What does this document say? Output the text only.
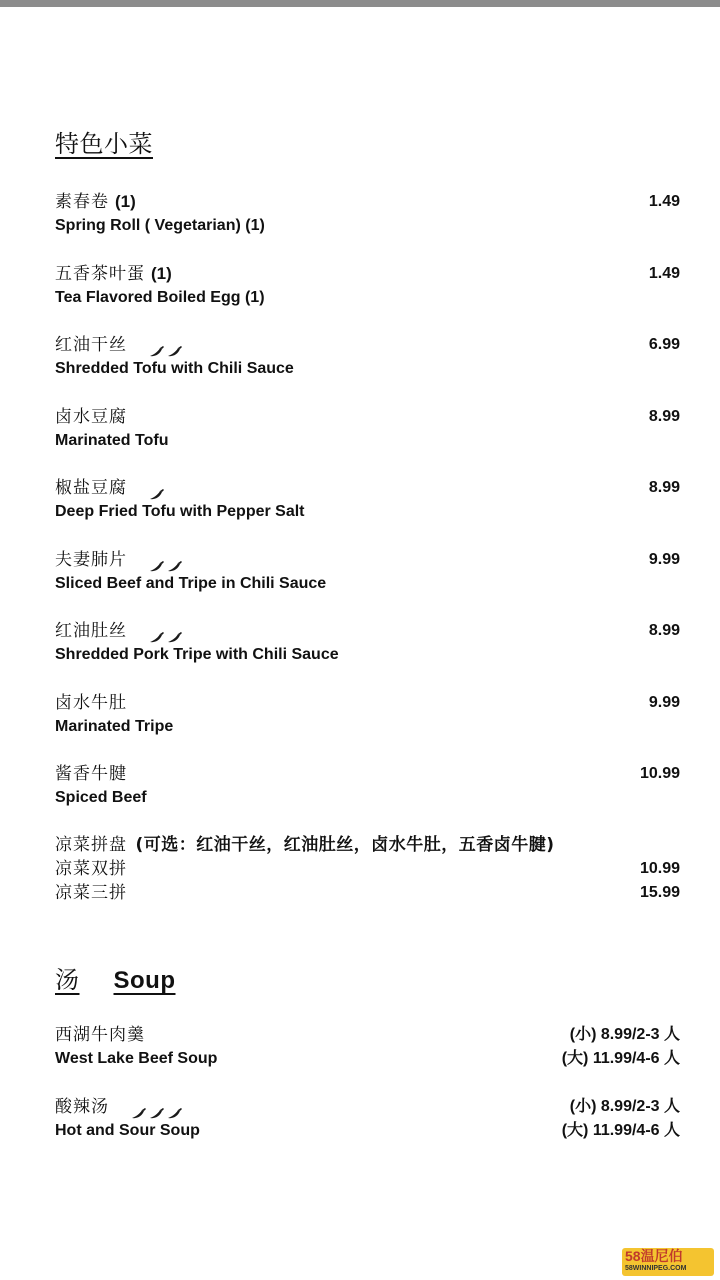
特色小菜
素春卷 (1)	1.49
Spring Roll ( Vegetarian) (1)
五香茶叶蛋 (1)	1.49
Tea Flavored Boiled Egg (1)
红油干丝	6.99
Shredded Tofu with Chili Sauce
卤水豆腐	8.99
Marinated Tofu
椒盐豆腐	8.99
Deep Fried Tofu with Pepper Salt
夫妻肺片	9.99
Sliced Beef and Tripe in Chili Sauce
红油肚丝	8.99
Shredded Pork Tripe with Chili Sauce
卤水牛肚	9.99
Marinated Tripe
酱香牛腱	10.99
Spiced Beef
凉菜拼盘 (可选：红油干丝，红油肚丝，卤水牛肚，五香卤牛腱)
凉菜双拼	10.99
凉菜三拼	15.99
汤 Soup
西湖牛肉羹	(小) 8.99/2-3 人
West Lake Beef Soup	(大) 11.99/4-6 人
酸辣汤	(小) 8.99/2-3 人
Hot and Sour Soup	(大) 11.99/4-6 人
58温尼伯
58WINNIPEG.COM
